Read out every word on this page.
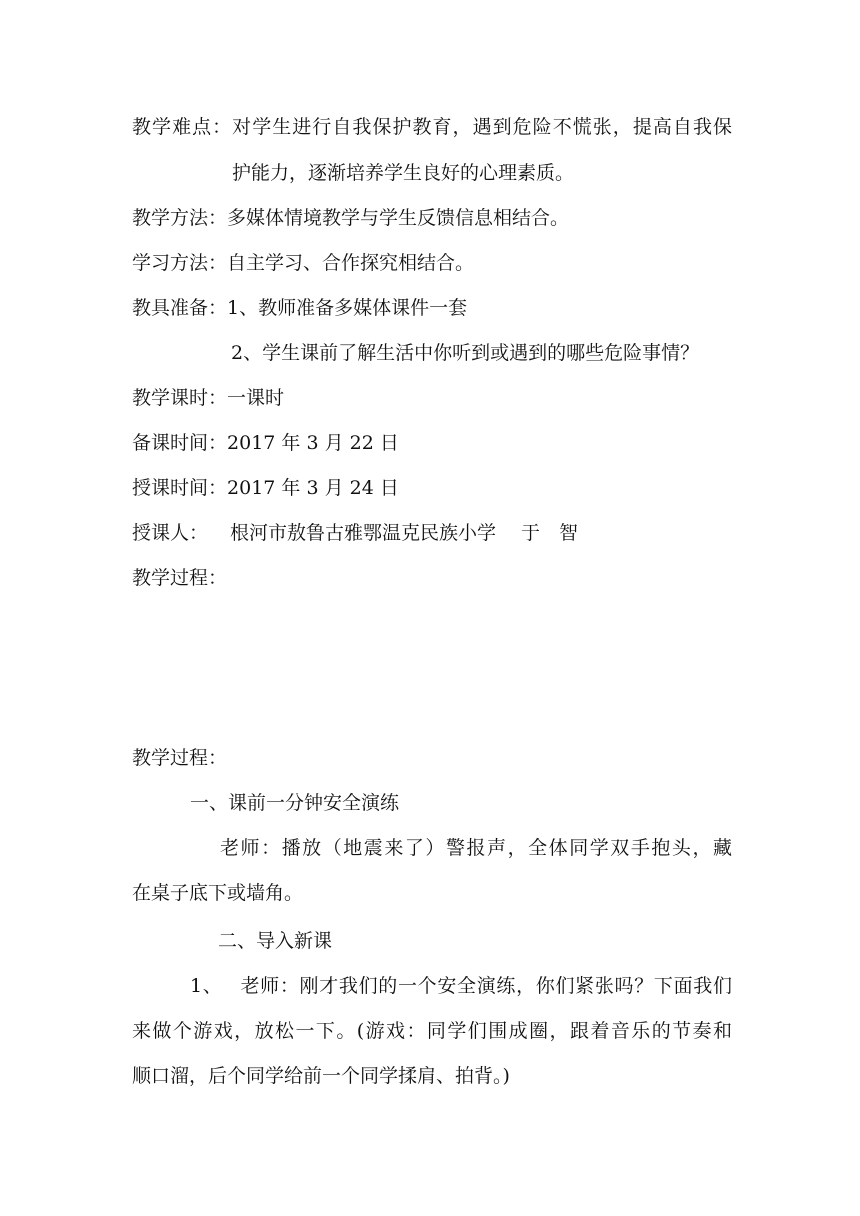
教学难点：对学生进行自我保护教育，遇到危险不慌张，提高自我保
护能力，逐渐培养学生良好的心理素质。
教学方法：多媒体情境教学与学生反馈信息相结合。
学习方法：自主学习、合作探究相结合。
教具准备：1、教师准备多媒体课件一套
2、学生课前了解生活中你听到或遇到的哪些危险事情？
教学课时：一课时
备课时间：2017 年 3 月 22 日
授课时间：2017 年 3 月 24 日
授课人： 根河市敖鲁古雅鄂温克民族小学　 于　智
教学过程：
教学过程：
一、课前一分钟安全演练
老师：播放（地震来了）警报声，全体同学双手抱头，藏
在桌子底下或墙角。
二、导入新课
1、 老师：刚才我们的一个安全演练，你们紧张吗？下面我们
来做个游戏，放松一下。(游戏：同学们围成圈，跟着音乐的节奏和
顺口溜，后个同学给前一个同学揉肩、拍背。)
